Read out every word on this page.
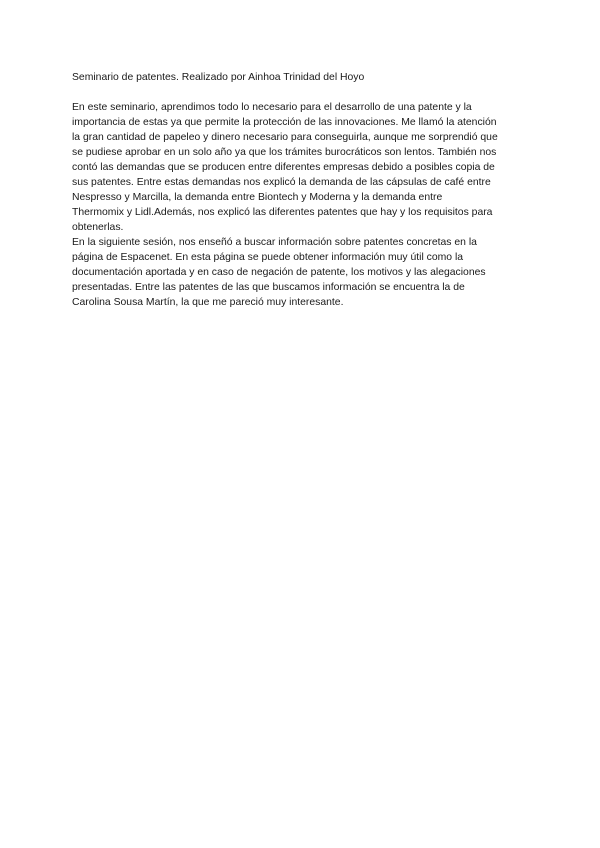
Seminario de patentes. Realizado por Ainhoa Trinidad del Hoyo
En este seminario, aprendimos todo lo necesario para el desarrollo de una patente y la
importancia de estas ya que permite la protección de las innovaciones. Me llamó la atención
la gran cantidad de papeleo y dinero necesario para conseguirla, aunque me sorprendió que
se pudiese aprobar en un solo año ya que los trámites burocráticos son lentos. También nos
contó las demandas que se producen entre diferentes empresas debido a posibles copia de
sus patentes. Entre estas demandas nos explicó la demanda de las cápsulas de café entre
Nespresso y Marcilla, la demanda entre Biontech y Moderna y la demanda entre
Thermomix y Lidl.Además, nos explicó las diferentes patentes que hay y los requisitos para
obtenerlas.
En la siguiente sesión, nos enseñó a buscar información sobre patentes concretas en la
página de Espacenet. En esta página se puede obtener información muy útil como la
documentación aportada y en caso de negación de patente, los motivos y las alegaciones
presentadas. Entre las patentes de las que buscamos información se encuentra la de
Carolina Sousa Martín, la que me pareció muy interesante.
